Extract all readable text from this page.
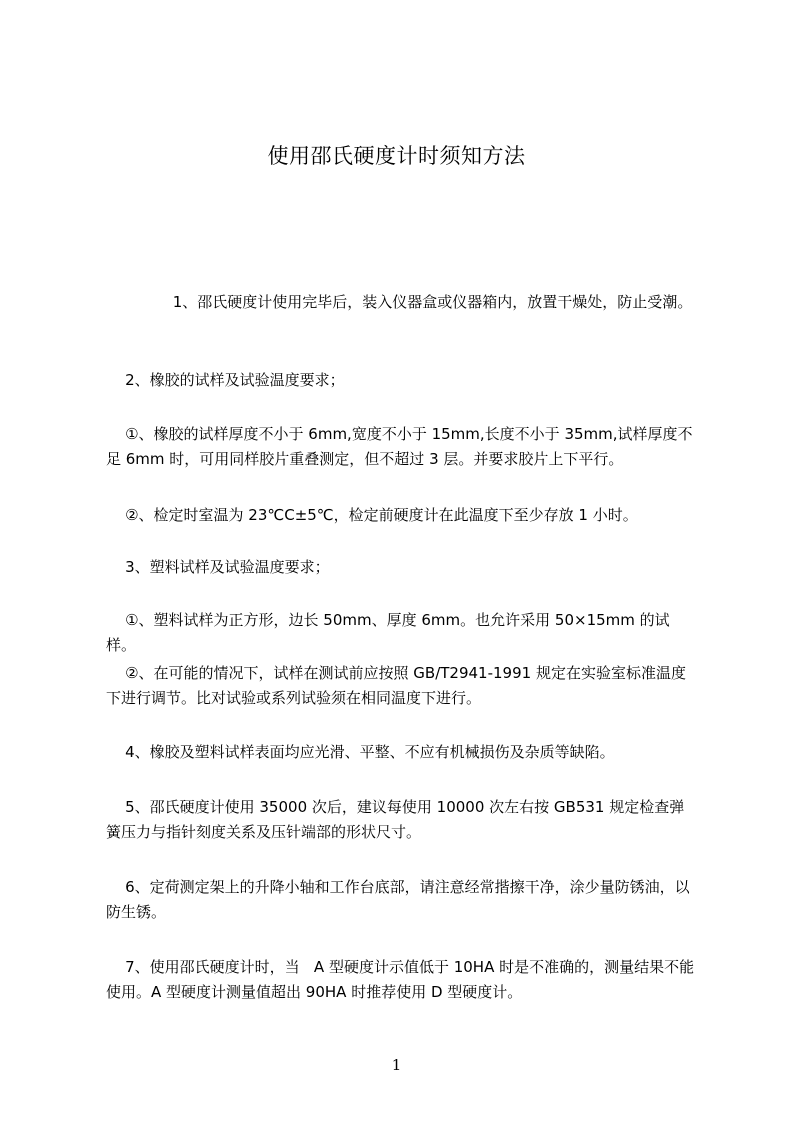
使用邵氏硬度计时须知方法

1、邵氏硬度计使用完毕后，装入仪器盒或仪器箱内，放置干燥处，防止受潮。

2、橡胶的试样及试验温度要求；

①、橡胶的试样厚度不小于 6mm,宽度不小于 15mm,长度不小于 35mm,试样厚度不足 6mm 时，可用同样胶片重叠测定，但不超过 3 层。并要求胶片上下平行。

②、检定时室温为 23℃C±5℃，检定前硬度计在此温度下至少存放 1 小时。

3、塑料试样及试验温度要求；

①、塑料试样为正方形，边长 50mm、厚度 6mm。也允许采用 50×15mm 的试样。

②、在可能的情况下，试样在测试前应按照 GB/T2941-1991 规定在实验室标准温度下进行调节。比对试验或系列试验须在相同温度下进行。

4、橡胶及塑料试样表面均应光滑、平整、不应有机械损伤及杂质等缺陷。

5、邵氏硬度计使用 35000 次后，建议每使用 10000 次左右按 GB531 规定检查弹簧压力与指针刻度关系及压针端部的形状尺寸。

6、定荷测定架上的升降小轴和工作台底部，请注意经常揩擦干净，涂少量防锈油，以防生锈。

7、使用邵氏硬度计时，当   A 型硬度计示值低于 10HA 时是不准确的，测量结果不能使用。A 型硬度计测量值超出 90HA 时推荐使用 D 型硬度计。

1
